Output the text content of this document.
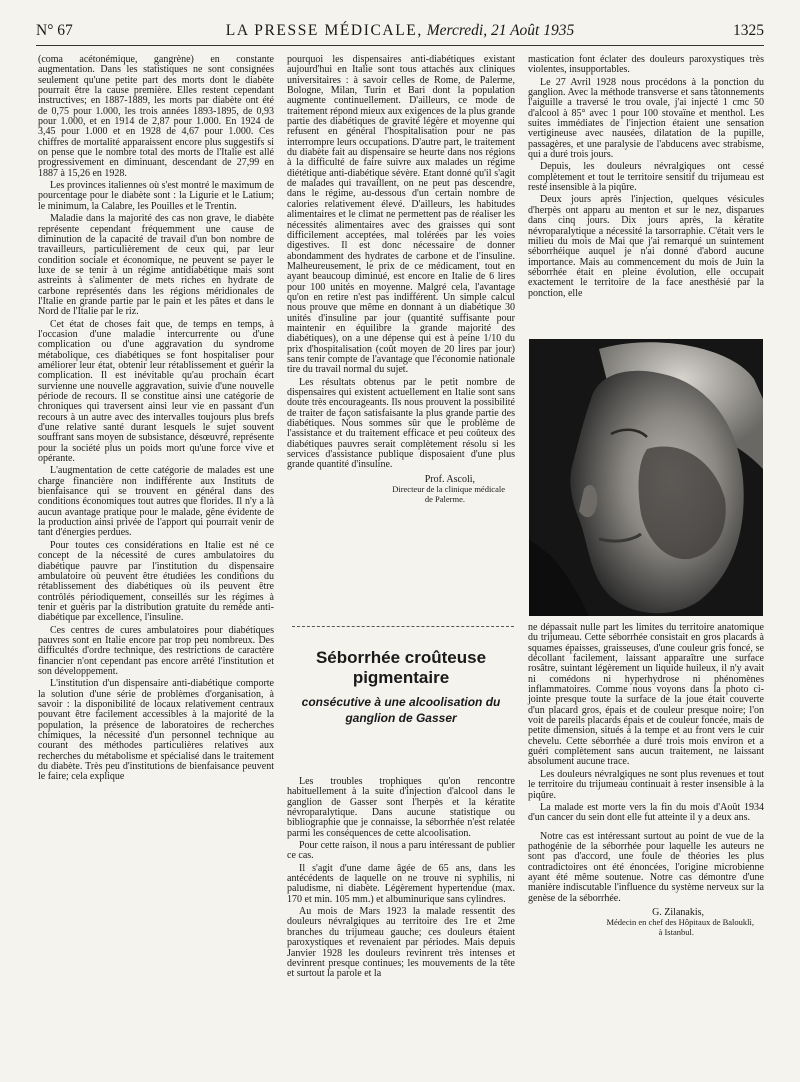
N° 67	LA PRESSE MÉDICALE, Mercredi, 21 Août 1935	1325

(coma acétonémique, gangrène) en constante augmentation. Dans les statistiques ne sont consignées seulement qu'une petite part des morts dont le diabète pourrait être la cause première. Elles restent cependant instructives; en 1887-1889, les morts par diabète ont été de 0,75 pour 1.000, les trois années 1893-1895, de 0,93 pour 1.000, et en 1914 de 2,87 pour 1.000. En 1924 de 3,45 pour 1.000 et en 1928 de 4,67 pour 1.000. Ces chiffres de mortalité apparaissent encore plus suggestifs si on pense que le nombre total des morts de l'Italie est allé progressivement en diminuant, descendant de 27,99 en 1887 à 15,26 en 1928.

Les provinces italiennes où s'est montré le maximum de pourcentage pour le diabète sont : la Ligurie et le Latium; le minimum, la Calabre, les Pouilles et le Trentin.

Maladie dans la majorité des cas non grave, le diabète représente cependant fréquemment une cause de diminution de la capacité de travail d'un bon nombre de travailleurs, particulièrement de ceux qui, par leur condition sociale et économique, ne peuvent se payer le luxe de se tenir à un régime antidiabétique mais sont astreints à s'alimenter de mets riches en hydrate de carbone représentés dans les régions méridionales de l'Italie en grande partie par le pain et les pâtes et dans le Nord de l'Italie par le riz.

Cet état de choses fait que, de temps en temps, à l'occasion d'une maladie intercurrente ou d'une complication ou d'une aggravation du syndrome métabolique, ces diabétiques se font hospitaliser pour améliorer leur état, obtenir leur rétablissement et guérir la complication. Il est inévitable qu'au prochain écart survienne une nouvelle aggravation, suivie d'une nouvelle période de recours. Il se constitue ainsi une catégorie de chroniques qui traversent ainsi leur vie en passant d'un recours à un autre avec des intervalles toujours plus brefs d'une relative santé durant lesquels le sujet souvent souffrant sans moyen de subsistance, désœuvré, représente pour la société plus un poids mort qu'une force vive et opérante.

L'augmentation de cette catégorie de malades est une charge financière non indifférente aux Instituts de bienfaisance qui se trouvent en général dans des conditions économiques tout autres que florides. Il n'y a là aucun avantage pratique pour le malade, gêne évidente de la production ainsi privée de l'apport qui pourrait venir de tant d'énergies perdues.

Pour toutes ces considérations en Italie est né ce concept de la nécessité de cures ambulatoires du diabétique pauvre par l'institution du dispensaire ambulatoire où peuvent être étudiées les conditions du rétablissement des diabétiques où ils peuvent être contrôlés périodiquement, conseillés sur les régimes à tenir et guéris par la distribution gratuite du remède anti-diabétique par excellence, l'insuline.

Ces centres de cures ambulatoires pour diabétiques pauvres sont en Italie encore par trop peu nombreux. Des difficultés d'ordre technique, des restrictions de caractère financier n'ont cependant pas encore arrêté l'institution et son développement.

L'institution d'un dispensaire anti-diabétique comporte la solution d'une série de problèmes d'organisation, à savoir : la disponibilité de locaux relativement centraux pouvant être facilement accessibles à la majorité de la population, la présence de laboratoires de recherches chimiques, la nécessité d'un personnel technique au courant des méthodes particulières relatives aux recherches du métabolisme et spécialisé dans le traitement du diabète. Très peu d'institutions de bienfaisance peuvent le faire; cela explique

pourquoi les dispensaires anti-diabétiques existant aujourd'hui en Italie sont tous attachés aux cliniques universitaires : à savoir celles de Rome, de Palerme, Bologne, Milan, Turin et Bari dont la population augmente continuellement. D'ailleurs, ce mode de traitement répond mieux aux exigences de la plus grande partie des diabétiques de gravité légère et moyenne qui refusent en général l'hospitalisation pour ne pas interrompre leurs occupations. D'autre part, le traitement du diabète fait au dispensaire se heurte dans nos régions à la difficulté de faire suivre aux malades un régime diététique anti-diabétique sévère. Etant donné qu'il s'agit de malades qui travaillent, on ne peut pas descendre, dans le régime, au-dessous d'un certain nombre de calories relativement élevé. D'ailleurs, les habitudes alimentaires et le climat ne permettent pas de réaliser les nécessités alimentaires avec des graisses qui sont difficilement acceptées, mal tolérées par les voies digestives. Il est donc nécessaire de donner abondamment des hydrates de carbone et de l'insuline. Malheureusement, le prix de ce médicament, tout en ayant beaucoup diminué, est encore en Italie de 6 lires pour 100 unités en moyenne. Malgré cela, l'avantage qu'on en retire n'est pas indifférent. Un simple calcul nous prouve que même en donnant à un diabétique 30 unités d'insuline par jour (quantité suffisante pour maintenir en équilibre la grande majorité des diabétiques), on a une dépense qui est à peine 1/10 du prix d'hospitalisation (coût moyen de 20 lires par jour) sans tenir compte de l'avantage que l'économie nationale tire du travail normal du sujet.

Les résultats obtenus par le petit nombre de dispensaires qui existent actuellement en Italie sont sans doute très encourageants. Ils nous prouvent la possibilité de traiter de façon satisfaisante la plus grande partie des diabétiques. Nous sommes sûr que le problème de l'assistance et du traitement efficace et peu coûteux des diabétiques pauvres serait complètement résolu si les services d'assistance publique disposaient d'une plus grande quantité d'insuline.

Prof. Ascoli,
Directeur de la clinique médicale
de Palerme.
Séborrhée croûteuse pigmentaire
consécutive à une alcoolisation du ganglion de Gasser

Les troubles trophiques qu'on rencontre habituellement à la suite d'injection d'alcool dans le ganglion de Gasser sont l'herpès et la kératite névroparalytique. Dans aucune statistique ou bibliographie que je connaisse, la séborrhée n'est relatée parmi les conséquences de cette alcoolisation.

Pour cette raison, il nous a paru intéressant de publier ce cas.

Il s'agit d'une dame âgée de 65 ans, dans les antécédents de laquelle on ne trouve ni syphilis, ni paludisme, ni diabète. Légèrement hypertendue (max. 170 et min. 105 mm.) et albuminurique sans cylindres.

Au mois de Mars 1923 la malade ressentit des douleurs névralgiques au territoire des 1re et 2me branches du trijumeau gauche; ces douleurs étaient paroxystiques et revenaient par périodes. Mais depuis Janvier 1928 les douleurs revinrent très intenses et devinrent presque continues; les mouvements de la tête et surtout la parole et la

mastication font éclater des douleurs paroxystiques très violentes, insupportables.

Le 27 Avril 1928 nous procédons à la ponction du ganglion. Avec la méthode transverse et sans tâtonnements l'aiguille a traversé le trou ovale, j'ai injecté 1 cmc 50 d'alcool à 85° avec 1 pour 100 stovaïne et menthol. Les suites immédiates de l'injection étaient une sensation vertigineuse avec nausées, dilatation de la pupille, passagères, et une paralysie de l'abducens avec strabisme, qui a duré trois jours.

Depuis, les douleurs névralgiques ont cessé complètement et tout le territoire sensitif du trijumeau est resté insensible à la piqûre.

Deux jours après l'injection, quelques vésicules d'herpès ont apparu au menton et sur le nez, disparues dans cinq jours. Dix jours après, la kératite névroparalytique a nécessité la tarsorraphie. C'était vers le milieu du mois de Mai que j'ai remarqué un suintement séborrhéique auquel je n'ai donné d'abord aucune importance. Mais au commencement du mois de Juin la séborrhée était en pleine évolution, elle occupait exactement le territoire de la face anesthésié par la ponction, elle

ne dépassait nulle part les limites du territoire anatomique du trijumeau. Cette séborrhée consistait en gros placards à squames épaisses, graisseuses, d'une couleur gris foncé, se décollant facilement, laissant apparaître une surface rosâtre, suintant légèrement un liquide huileux, il n'y avait ni comédons ni hyperhydrose ni phénomènes inflammatoires. Comme nous voyons dans la photo ci-jointe presque toute la surface de la joue était couverte d'un placard gros, épais et de couleur presque noire; l'on voit de pareils placards épais et de couleur foncée, mais de petite dimension, situés à la tempe et au front vers le cuir chevelu. Cette séborrhée a duré trois mois environ et a guéri complètement sans aucun traitement, ne laissant absolument aucune trace.

Les douleurs névralgiques ne sont plus revenues et tout le territoire du trijumeau continuait à rester insensible à la piqûre.

La malade est morte vers la fin du mois d'Août 1934 d'un cancer du sein dont elle fut atteinte il y a deux ans.

Notre cas est intéressant surtout au point de vue de la pathogénie de la séborrhée pour laquelle les auteurs ne sont pas d'accord, une foule de théories les plus contradictoires ont été énoncées, l'origine microbienne ayant été même soutenue. Notre cas démontre d'une manière indiscutable l'influence du système nerveux sur la genèse de la séborrhée.

G. Zilanakis,
Médecin en chef des Hôpitaux de Balouklì,
à Istanbul.
